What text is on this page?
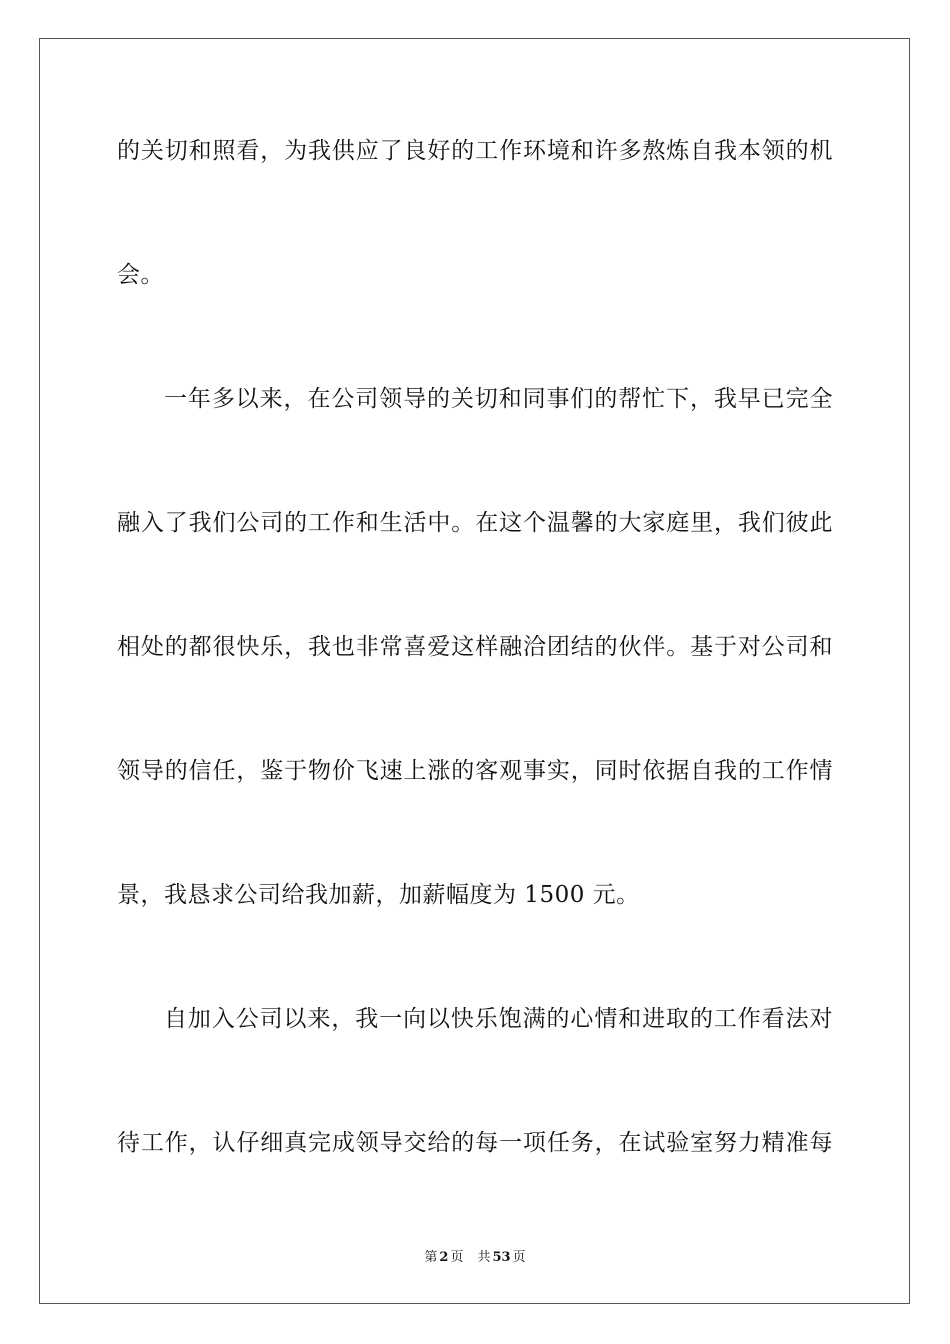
的关切和照看，为我供应了良好的工作环境和许多熬炼自我本领的机
会。
一年多以来，在公司领导的关切和同事们的帮忙下，我早已完全
融入了我们公司的工作和生活中。在这个温馨的大家庭里，我们彼此
相处的都很快乐，我也非常喜爱这样融洽团结的伙伴。基于对公司和
领导的信任，鉴于物价飞速上涨的客观事实，同时依据自我的工作情
景，我恳求公司给我加薪，加薪幅度为 1500 元。
自加入公司以来，我一向以快乐饱满的心情和进取的工作看法对
待工作，认仔细真完成领导交给的每一项任务，在试验室努力精准每
第 2 页 共 53 页
